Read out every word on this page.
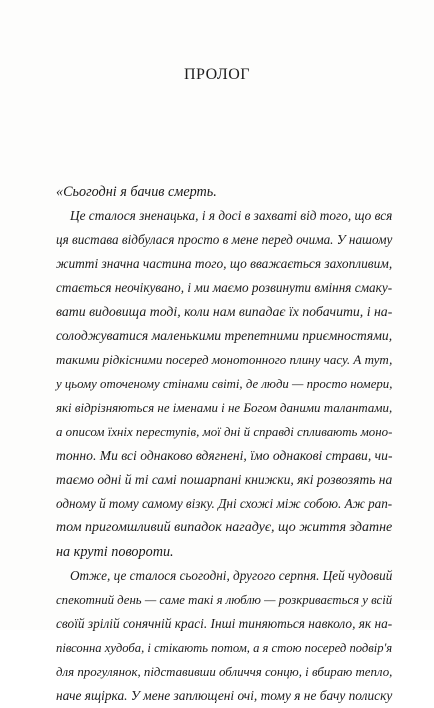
ПРОЛОГ
«Сьогодні я бачив смерть.
Це сталося зненацька, і я досі в захваті від того, що вся
ця вистава відбулася просто в мене перед очима. У нашому
житті значна частина того, що вважається захопливим,
стається неочікувано, і ми маємо розвинути вміння смаку-
вати видовища тоді, коли нам випадає їх побачити, і на-
солоджуватися маленькими трепетними приємностями,
такими рідкісними посеред монотонного плину часу. А тут,
у цьому оточеному стінами світі, де люди — просто номери,
які відрізняються не іменами і не Богом даними талантами,
а описом їхніх переступів, мої дні й справді спливають моно-
тонно. Ми всі однаково вдягнені, їмо однакові страви, чи-
таємо одні й ті самі пошарпані книжки, які розвозять на
одному й тому самому візку. Дні схожі між собою. Аж рап-
том пригомшливий випадок нагадує, що життя здатне
на круті повороти.
Отже, це сталося сьогодні, другого серпня. Цей чудовий
спекотний день — саме такі я люблю — розкривається у всій
своїй зрілій сонячній красі. Інші тиняються навколо, як на-
півсонна худоба, і стікають потом, а я стою посеред подвір'я
для прогулянок, підставивши обличчя сонцю, і вбираю тепло,
наче ящірка. У мене заплющені очі, тому я не бачу полиску
